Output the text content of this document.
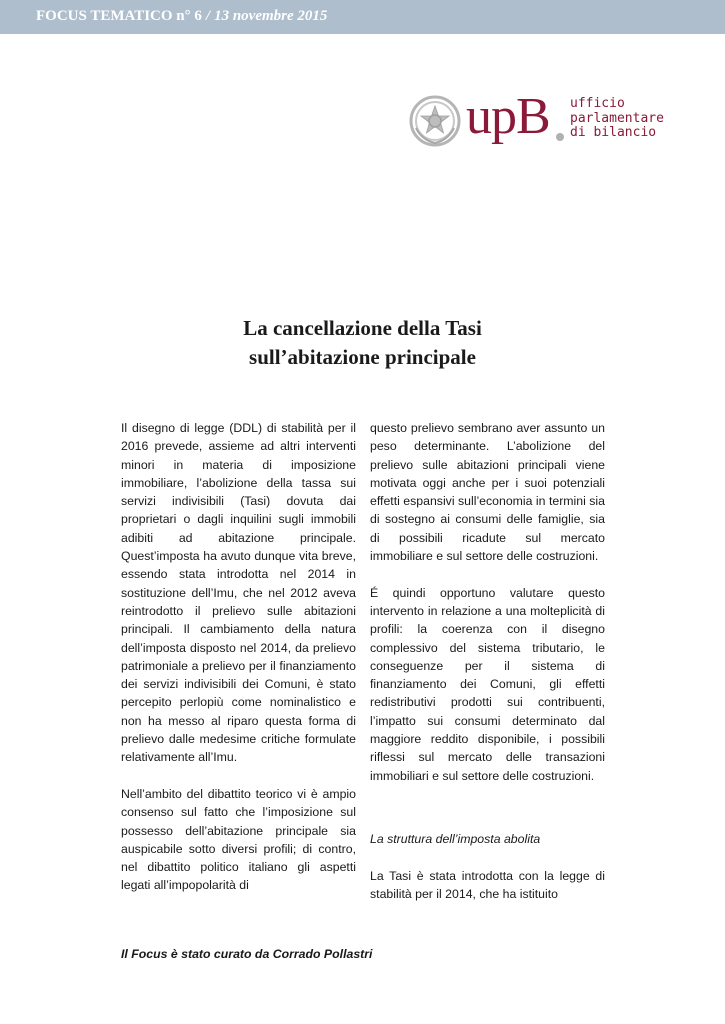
FOCUS TEMATICO n° 6 / 13 novembre 2015
upB ufficio
parlamentare
di bilancio
La cancellazione della Tasi
sull’abitazione principale

Il disegno di legge (DDL) di stabilità per il 2016 prevede, assieme ad altri interventi minori in materia di imposizione immobiliare, l’abolizione della tassa sui servizi indivisibili (Tasi) dovuta dai proprietari o dagli inquilini sugli immobili adibiti ad abitazione principale. Quest’imposta ha avuto dunque vita breve, essendo stata introdotta nel 2014 in sostituzione dell’Imu, che nel 2012 aveva reintrodotto il prelievo sulle abitazioni principali. Il cambiamento della natura dell’imposta disposto nel 2014, da prelievo patrimoniale a prelievo per il finanziamento dei servizi indivisibili dei Comuni, è stato percepito perlopiù come nominalistico e non ha messo al riparo questa forma di prelievo dalle medesime critiche formulate relativamente all’Imu.

Nell’ambito del dibattito teorico vi è ampio consenso sul fatto che l’imposizione sul possesso dell’abitazione principale sia auspicabile sotto diversi profili; di contro, nel dibattito politico italiano gli aspetti legati all’impopolarità di

questo prelievo sembrano aver assunto un peso determinante. L’abolizione del prelievo sulle abitazioni principali viene motivata oggi anche per i suoi potenziali effetti espansivi sull’economia in termini sia di sostegno ai consumi delle famiglie, sia di possibili ricadute sul mercato immobiliare e sul settore delle costruzioni.

É quindi opportuno valutare questo intervento in relazione a una molteplicità di profili: la coerenza con il disegno complessivo del sistema tributario, le conseguenze per il sistema di finanziamento dei Comuni, gli effetti redistributivi prodotti sui contribuenti, l’impatto sui consumi determinato dal maggiore reddito disponibile, i possibili riflessi sul mercato delle transazioni immobiliari e sul settore delle costruzioni.

La struttura dell’imposta abolita

La Tasi è stata introdotta con la legge di stabilità per il 2014, che ha istituito

Il Focus è stato curato da Corrado Pollastri
